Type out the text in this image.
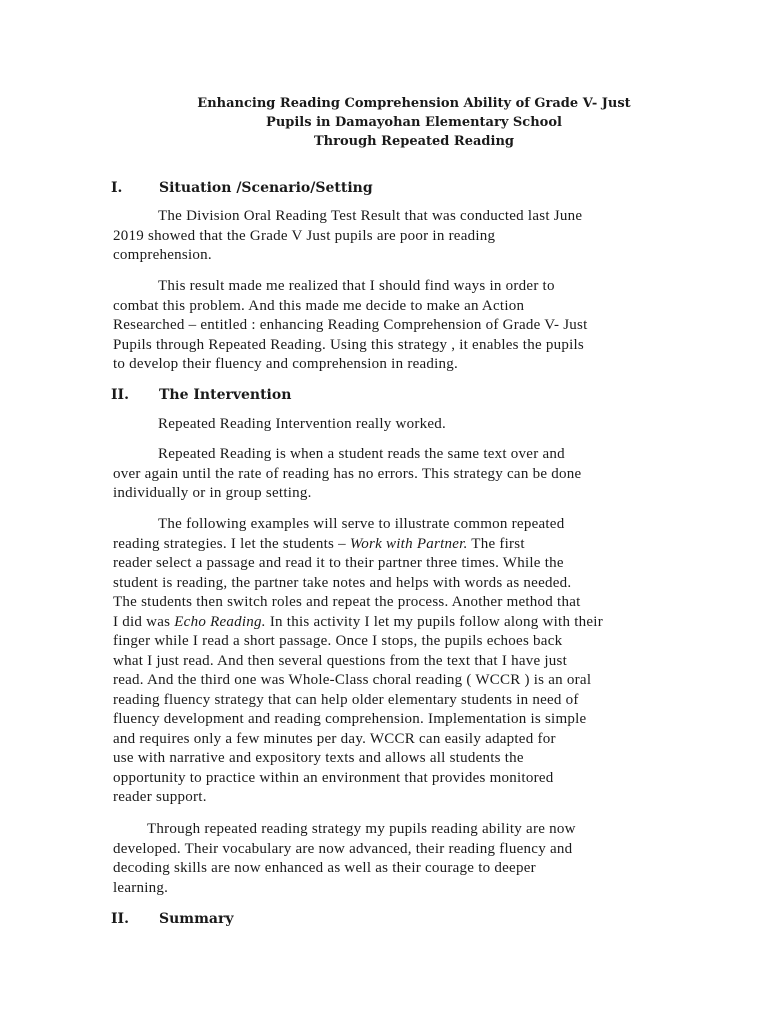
Enhancing Reading Comprehension Ability of Grade V- Just
Pupils in Damayohan Elementary School
Through Repeated Reading
I.	Situation /Scenario/Setting
The Division Oral Reading Test Result that was conducted last June
2019 showed that the Grade V Just pupils are poor in reading
comprehension.
This result made me realized that I should find ways in order to
combat this problem. And this made me decide to make an Action
Researched – entitled : enhancing Reading Comprehension of Grade V- Just
Pupils through Repeated Reading. Using this strategy , it enables the pupils
to develop their fluency and comprehension in reading.
II. The Intervention
Repeated Reading Intervention really worked.
Repeated Reading is when a student reads the same text over and
over again until the rate of reading has no errors. This strategy can be done
individually or in group setting.
The following examples will serve to illustrate common repeated
reading strategies. I let the students – Work with Partner. The first
reader select a passage and read it to their partner three times. While the
student is reading, the partner take notes and helps with words as needed.
The students then switch roles and repeat the process. Another method that
I did was Echo Reading. In this activity I let my pupils follow along with their
finger while I read a short passage. Once I stops, the pupils echoes back
what I just read. And then several questions from the text that I have just
read. And the third one was Whole-Class choral reading ( WCCR ) is an oral
reading fluency strategy that can help older elementary students in need of
fluency development and reading comprehension. Implementation is simple
and requires only a few minutes per day. WCCR can easily adapted for
use with narrative and expository texts and allows all students the
opportunity to practice within an environment that provides monitored
reader support.
Through repeated reading strategy my pupils reading ability are now
developed. Their vocabulary are now advanced, their reading fluency and
decoding skills are now enhanced as well as their courage to deeper
learning.
II. Summary
